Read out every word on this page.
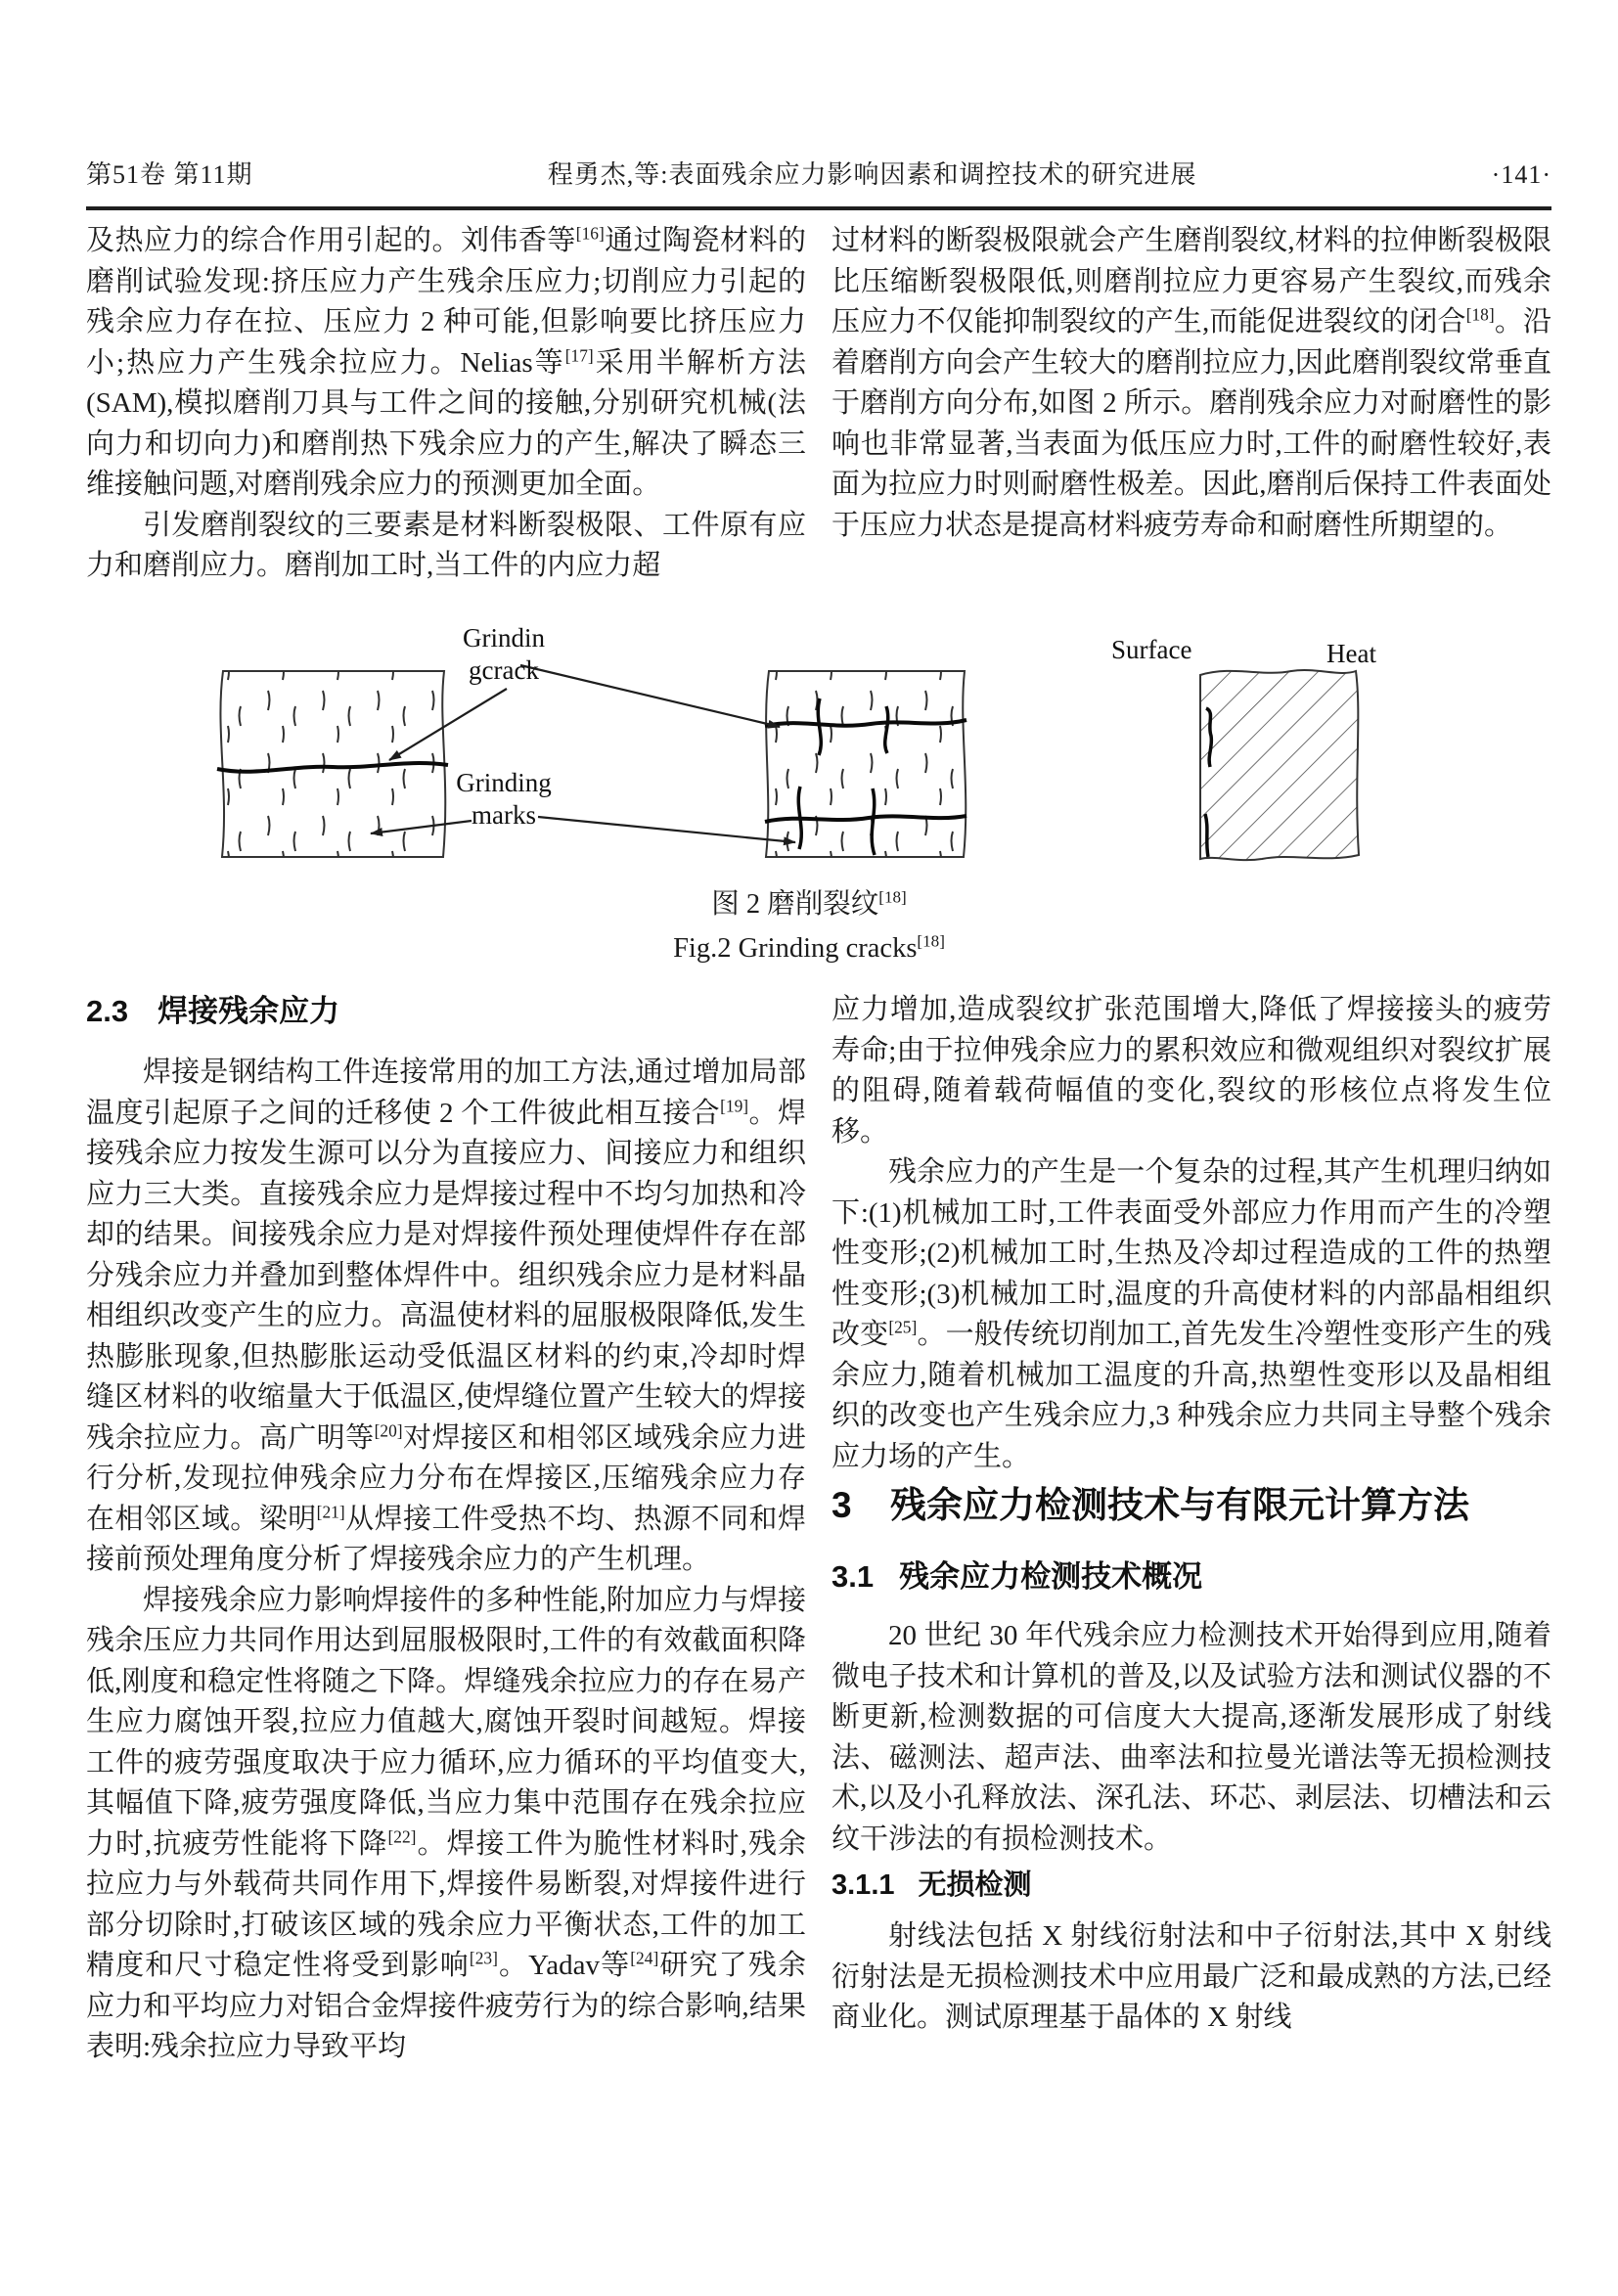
第51卷 第11期	程勇杰,等:表面残余应力影响因素和调控技术的研究进展	·141·

及热应力的综合作用引起的。刘伟香等[16]通过陶瓷材料的磨削试验发现:挤压应力产生残余压应力;切削应力引起的残余应力存在拉、压应力 2 种可能,但影响要比挤压应力小;热应力产生残余拉应力。Nelias等[17]采用半解析方法(SAM),模拟磨削刀具与工件之间的接触,分别研究机械(法向力和切向力)和磨削热下残余应力的产生,解决了瞬态三维接触问题,对磨削残余应力的预测更加全面。

引发磨削裂纹的三要素是材料断裂极限、工件原有应力和磨削应力。磨削加工时,当工件的内应力超

过材料的断裂极限就会产生磨削裂纹,材料的拉伸断裂极限比压缩断裂极限低,则磨削拉应力更容易产生裂纹,而残余压应力不仅能抑制裂纹的产生,而能促进裂纹的闭合[18]。沿着磨削方向会产生较大的磨削拉应力,因此磨削裂纹常垂直于磨削方向分布,如图 2 所示。磨削残余应力对耐磨性的影响也非常显著,当表面为低压应力时,工件的耐磨性较好,表面为拉应力时则耐磨性极差。因此,磨削后保持工件表面处于压应力状态是提高材料疲劳寿命和耐磨性所期望的。

Grindin
gcrack
Grinding
marks
Surface	Heat
图 2 磨削裂纹[18]
Fig.2 Grinding cracks[18]
2.3 焊接残余应力

焊接是钢结构工件连接常用的加工方法,通过增加局部温度引起原子之间的迁移使 2 个工件彼此相互接合[19]。焊接残余应力按发生源可以分为直接应力、间接应力和组织应力三大类。直接残余应力是焊接过程中不均匀加热和冷却的结果。间接残余应力是对焊接件预处理使焊件存在部分残余应力并叠加到整体焊件中。组织残余应力是材料晶相组织改变产生的应力。高温使材料的屈服极限降低,发生热膨胀现象,但热膨胀运动受低温区材料的约束,冷却时焊缝区材料的收缩量大于低温区,使焊缝位置产生较大的焊接残余拉应力。高广明等[20]对焊接区和相邻区域残余应力进行分析,发现拉伸残余应力分布在焊接区,压缩残余应力存在相邻区域。梁明[21]从焊接工件受热不均、热源不同和焊接前预处理角度分析了焊接残余应力的产生机理。

焊接残余应力影响焊接件的多种性能,附加应力与焊接残余压应力共同作用达到屈服极限时,工件的有效截面积降低,刚度和稳定性将随之下降。焊缝残余拉应力的存在易产生应力腐蚀开裂,拉应力值越大,腐蚀开裂时间越短。焊接工件的疲劳强度取决于应力循环,应力循环的平均值变大,其幅值下降,疲劳强度降低,当应力集中范围存在残余拉应力时,抗疲劳性能将下降[22]。焊接工件为脆性材料时,残余拉应力与外载荷共同作用下,焊接件易断裂,对焊接件进行部分切除时,打破该区域的残余应力平衡状态,工件的加工精度和尺寸稳定性将受到影响[23]。Yadav等[24]研究了残余应力和平均应力对铝合金焊接件疲劳行为的综合影响,结果表明:残余拉应力导致平均

应力增加,造成裂纹扩张范围增大,降低了焊接接头的疲劳寿命;由于拉伸残余应力的累积效应和微观组织对裂纹扩展的阻碍,随着载荷幅值的变化,裂纹的形核位点将发生位移。

残余应力的产生是一个复杂的过程,其产生机理归纳如下:(1)机械加工时,工件表面受外部应力作用而产生的冷塑性变形;(2)机械加工时,生热及冷却过程造成的工件的热塑性变形;(3)机械加工时,温度的升高使材料的内部晶相组织改变[25]。一般传统切削加工,首先发生冷塑性变形产生的残余应力,随着机械加工温度的升高,热塑性变形以及晶相组织的改变也产生残余应力,3 种残余应力共同主导整个残余应力场的产生。

3	残余应力检测技术与有限元计算方法
3.1 残余应力检测技术概况

20 世纪 30 年代残余应力检测技术开始得到应用,随着微电子技术和计算机的普及,以及试验方法和测试仪器的不断更新,检测数据的可信度大大提高,逐渐发展形成了射线法、磁测法、超声法、曲率法和拉曼光谱法等无损检测技术,以及小孔释放法、深孔法、环芯、剥层法、切槽法和云纹干涉法的有损检测技术。

3.1.1 无损检测

射线法包括 X 射线衍射法和中子衍射法,其中 X 射线衍射法是无损检测技术中应用最广泛和最成熟的方法,已经商业化。测试原理基于晶体的 X 射线
